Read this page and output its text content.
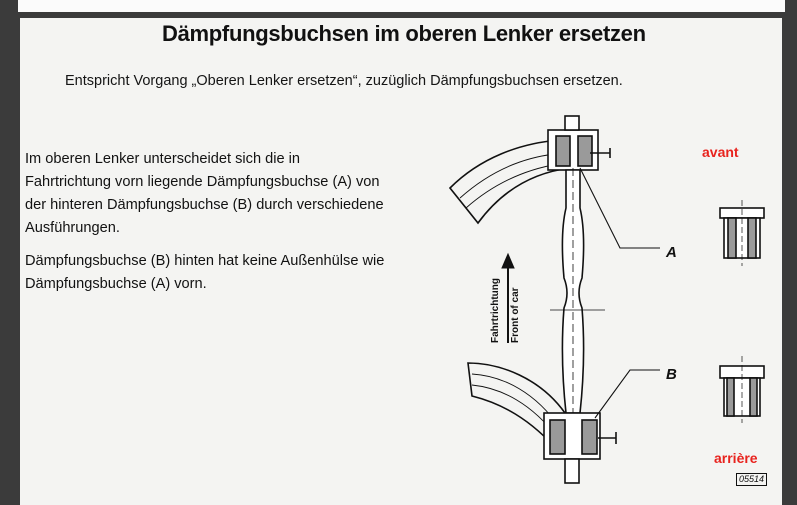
Dämpfungsbuchsen im oberen Lenker ersetzen
Entspricht Vorgang „Oberen Lenker ersetzen“, zuzüglich Dämpfungsbuchsen ersetzen.

Im oberen Lenker unterscheidet sich die in Fahrtrichtung vorn liegende Dämpfungsbuchse (A) von der hinteren Dämpfungsbuchse (B) durch verschiedene Ausführungen.

Dämpfungsbuchse (B) hinten hat keine Außenhülse wie Dämpfungsbuchse (A) vorn.

A
B
Fahrtrichtung Front of car
avant
arrière
05514
